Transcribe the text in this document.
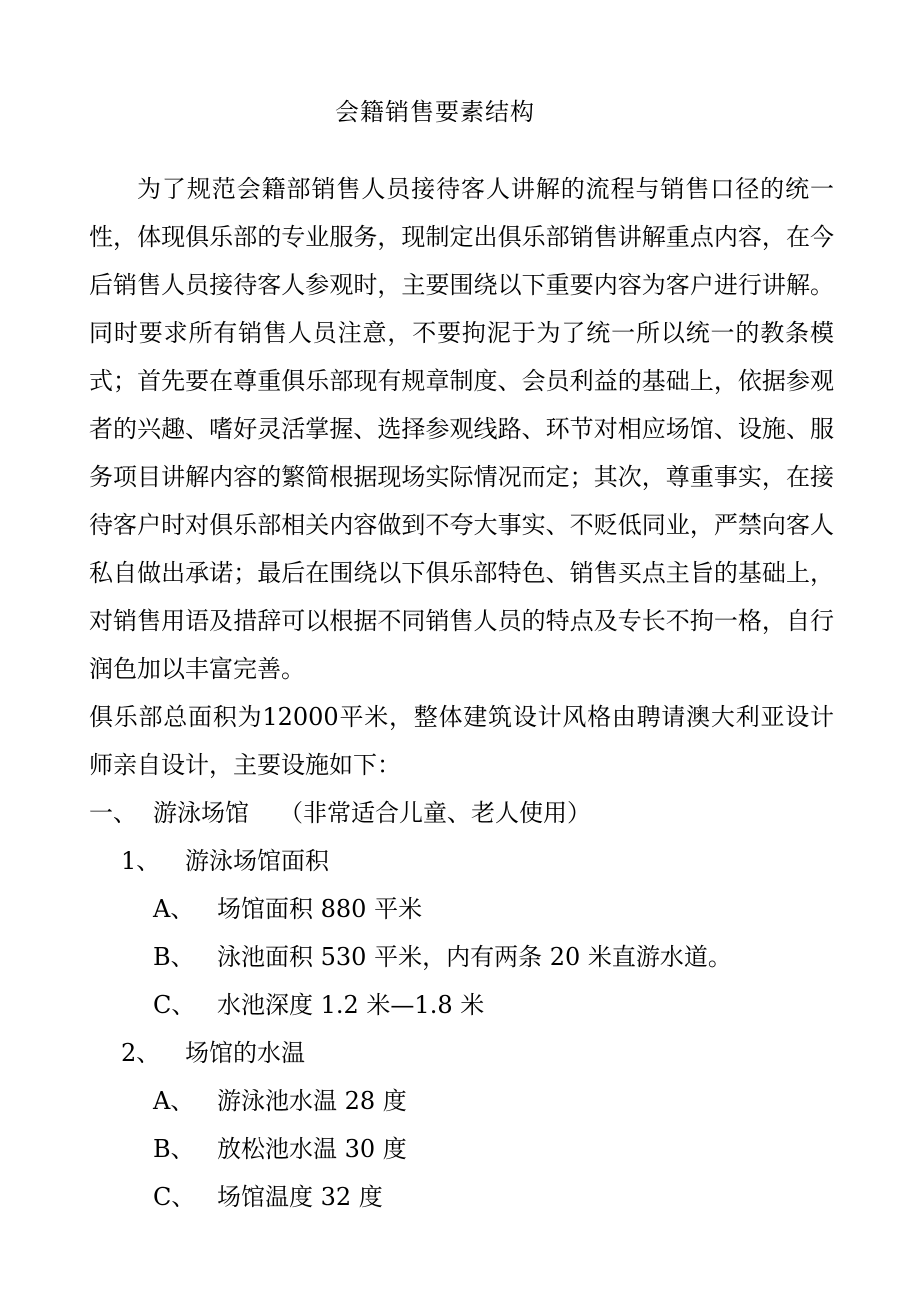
会籍销售要素结构

为了规范会籍部销售人员接待客人讲解的流程与销售口径的统一性，体现俱乐部的专业服务，现制定出俱乐部销售讲解重点内容，在今后销售人员接待客人参观时，主要围绕以下重要内容为客户进行讲解。同时要求所有销售人员注意，不要拘泥于为了统一所以统一的教条模式；首先要在尊重俱乐部现有规章制度、会员利益的基础上，依据参观者的兴趣、嗜好灵活掌握、选择参观线路、环节对相应场馆、设施、服务项目讲解内容的繁简根据现场实际情况而定；其次，尊重事实，在接待客户时对俱乐部相关内容做到不夸大事实、不贬低同业，严禁向客人私自做出承诺；最后在围绕以下俱乐部特色、销售买点主旨的基础上，对销售用语及措辞可以根据不同销售人员的特点及专长不拘一格，自行润色加以丰富完善。

俱乐部总面积为12000平米，整体建筑设计风格由聘请澳大利亚设计师亲自设计，主要设施如下：

一、 游泳场馆 （非常适合儿童、老人使用）
1、 游泳场馆面积
A、 场馆面积 880 平米
B、 泳池面积 530 平米，内有两条 20 米直游水道。
C、 水池深度 1.2 米—1.8 米
2、 场馆的水温
A、 游泳池水温 28 度
B、 放松池水温 30 度
C、 场馆温度 32 度
